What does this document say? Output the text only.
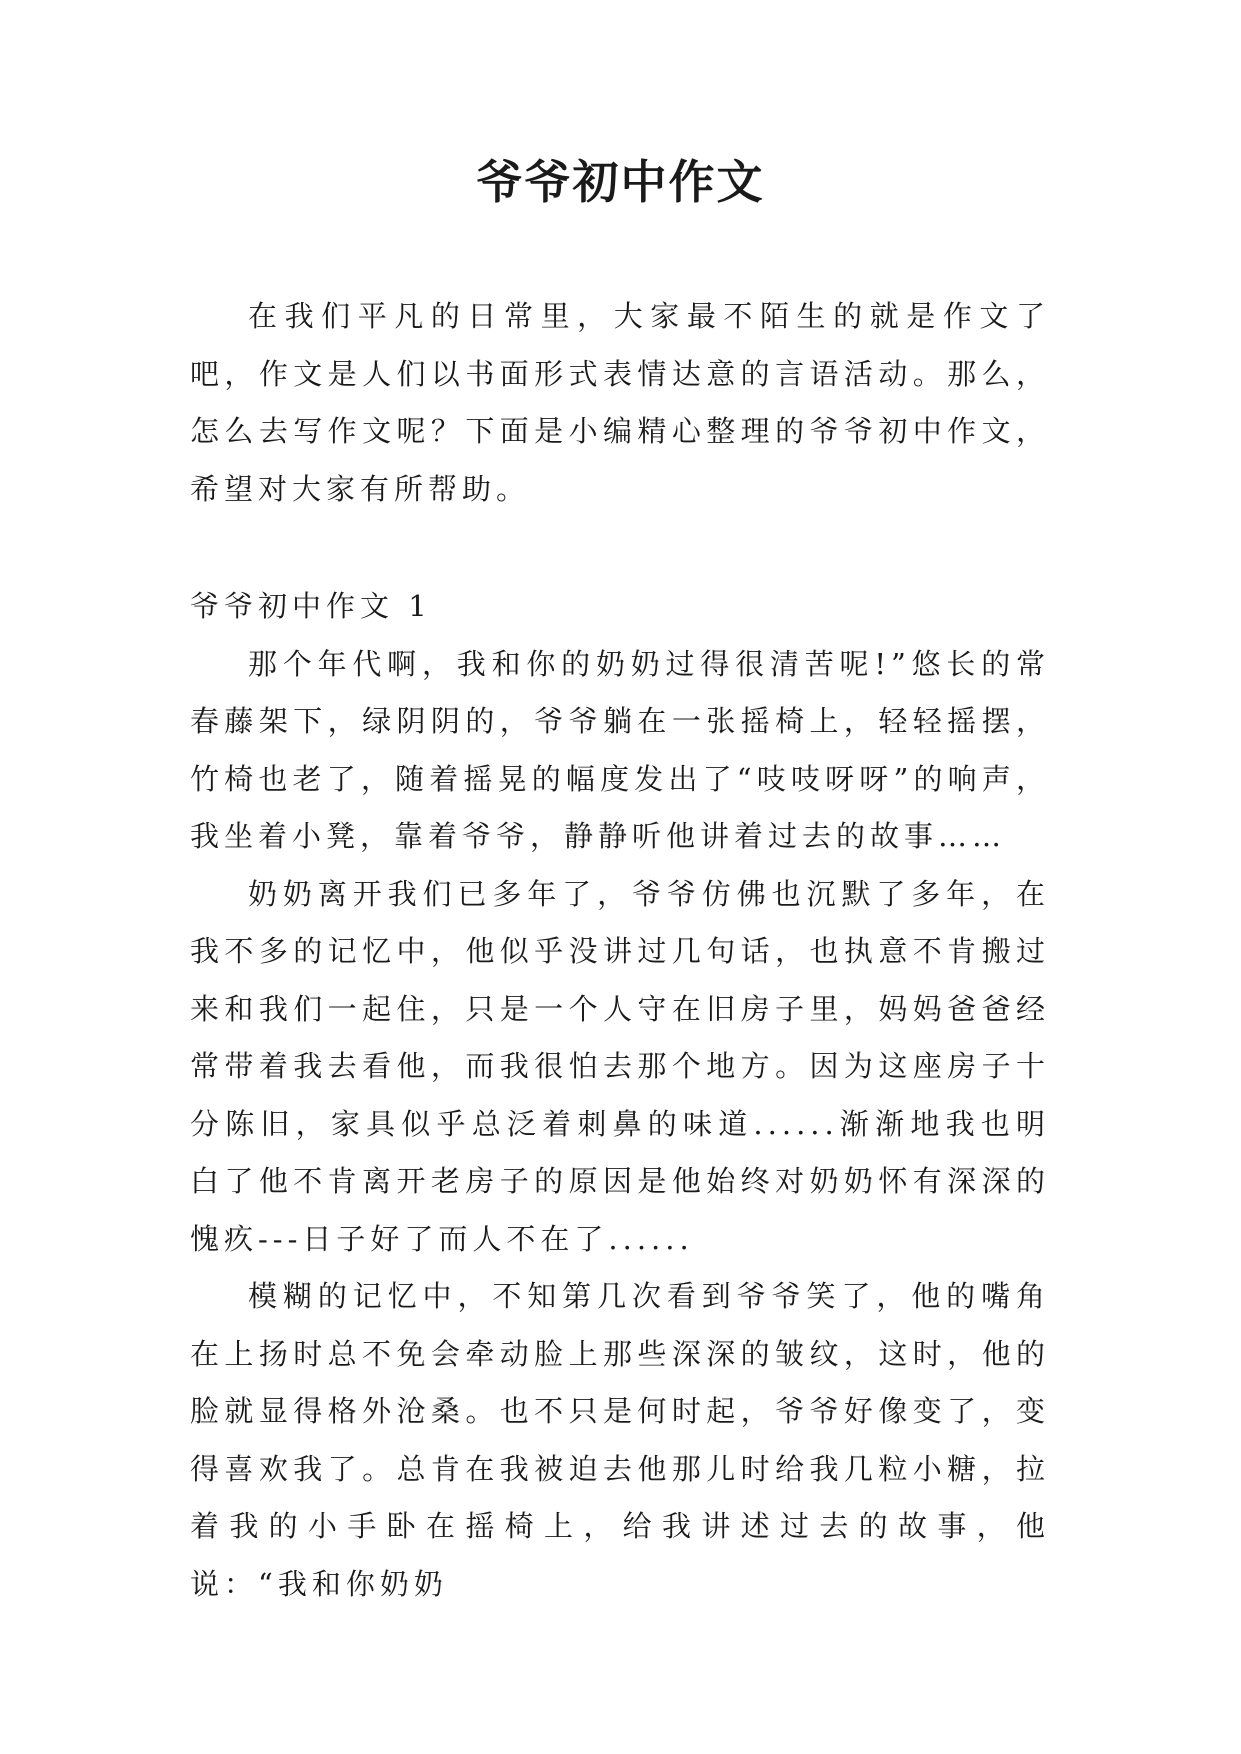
爷爷初中作文

在我们平凡的日常里，大家最不陌生的就是作文了吧，作文是人们以书面形式表情达意的言语活动。那么，怎么去写作文呢？下面是小编精心整理的爷爷初中作文，希望对大家有所帮助。

爷爷初中作文 1

那个年代啊，我和你的奶奶过得很清苦呢!”悠长的常春藤架下，绿阴阴的，爷爷躺在一张摇椅上，轻轻摇摆，竹椅也老了，随着摇晃的幅度发出了“吱吱呀呀”的响声，我坐着小凳，靠着爷爷，静静听他讲着过去的故事……

奶奶离开我们已多年了，爷爷仿佛也沉默了多年，在我不多的记忆中，他似乎没讲过几句话，也执意不肯搬过来和我们一起住，只是一个人守在旧房子里，妈妈爸爸经常带着我去看他，而我很怕去那个地方。因为这座房子十分陈旧，家具似乎总泛着刺鼻的味道......渐渐地我也明白了他不肯离开老房子的原因是他始终对奶奶怀有深深的愧疚---日子好了而人不在了......

模糊的记忆中，不知第几次看到爷爷笑了，他的嘴角在上扬时总不免会牵动脸上那些深深的皱纹，这时，他的脸就显得格外沧桑。也不只是何时起，爷爷好像变了，变得喜欢我了。总肯在我被迫去他那儿时给我几粒小糖，拉着我的小手卧在摇椅上，给我讲述过去的故事，他说：“我和你奶奶
